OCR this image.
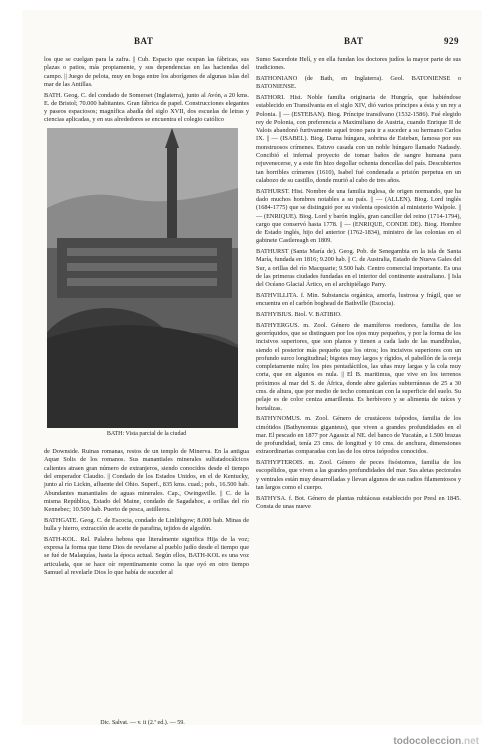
BAT	BAT	929

los que se cuelgan para la zafra. || Cub. Espacio que ocupan las fábricas, sus plazas o patios, más propiamente, y sus dependencias en las haciendas del campo. || Juego de pelota, muy en boga entre los aborígenes de algunas islas del mar de las Antillas.

BATH. Geog. C. del condado de Somerset (Inglaterra), junto al Avón, a 20 kms. E. de Bristol; 70.000 habitantes. Gran fábrica de papel. Construcciones elegantes y paseos espaciosos; magnífica abadía del siglo XVII, dos escuelas de letras y ciencias aplicadas, y en sus alrededores se encuentra el colegio católico

BATH: Vista parcial de la ciudad

de Downside. Ruinas romanas, restos de un templo de Minerva. En la antigua Aquæ Solis de los romanos. Sus manantiales minerales sulfatadocálcicos calientes atraen gran número de extranjeros, siendo conocidos desde el tiempo del emperador Claudio. || Condado de los Estados Unidos, en el de Kentucky, junto al río Lickin, afluente del Ohio. Superf., 835 kms. cuad.; pob., 16.500 hab. Abundantes manantiales de aguas minerales. Cap., Owingsville. || C. de la misma República, Estado del Maine, condado de Sagadahoc, a orillas del río Kennebec; 10.500 hab. Puerto de pesca, astilleros.

BATHGATE. Geog. C. de Escocia, condado de Linlithgow; 8.000 hab. Minas de hulla y hierro, extracción de aceite de parafina, tejidos de algodón.

BATH-KOL. Rel. Palabra hebrea que literalmente significa Hija de la voz; expresa la forma que tiene Dios de revelarse al pueblo judío desde el tiempo que se fué de Malaquías, hasta la época actual. Según ellos, BATH-KOL es una voz articulada, que se hace oír repentinamente como la que oyó en otro tiempo Samuel al revelarle Dios lo que había de suceder al

Dic. Salvat. — v. ii (2.ª ed.). — 59.

Sumo Sacerdote Helí, y en ella fundan los doctores judíos la mayor parte de sus tradiciones.

BATHONIANO (de Bath, en Inglaterra). Geol. BATONIENSE o BATONIENSE.

BATHORI. Hist. Noble familia originaria de Hungría, que habiéndose establecido en Transilvania en el siglo XIV, dió varios príncipes a ésta y un rey a Polonia. || — (ESTEBAN). Biog. Príncipe transilvano (1532-1586). Fué elegido rey de Polonia, con preferencia a Maximiliano de Austria, cuando Enrique II de Valois abandonó furtivamente aquel trono para ir a suceder a su hermano Carlos IX. || — (ISABEL). Biog. Dama húngara, sobrina de Esteban, famosa por sus monstruosos crímenes. Estuvo casada con un noble húngaro llamado Nadasdy. Concibió el infernal proyecto de tomar baños de sangre humana para rejuvenecerse, y a este fin hizo degollar ochenta doncellas del país. Descubiertos tan horribles crímenes (1610), Isabel fué condenada a prisión perpetua en un calabozo de su castillo, donde murió al cabo de tres años.

BATHURST. Hist. Nombre de una familia inglesa, de origen normando, que ha dado muchos hombres notables a su país. || — (ALLEN). Biog. Lord inglés (1684-1775) que se distinguió por su violenta oposición al ministerio Walpole. || — (ENRIQUE). Biog. Lord y barón inglés, gran canciller del reino (1714-1794), cargo que conservó hasta 1778. || — (ENRIQUE, CONDE DE). Biog. Hombre de Estado inglés, hijo del anterior (1762-1834), ministro de las colonias en el gabinete Castlereagh en 1809.

BATHURST (Santa María de). Geog. Pob. de Senegambia en la isla de Santa María, fundada en 1816; 9.200 hab. || C. de Australia, Estado de Nueva Gales del Sur, a orillas del río Macquarie; 9.500 hab. Centro comercial importante. Es una de las primeras ciudades fundadas en el interior del continente australiano. || Isla del Océano Glacial Ártico, en el archipiélago Parry.

BATHVILLITA. f. Min. Substancia orgánica, amorfa, lustrosa y frágil, que se encuentra en el carbón boghead de Bathville (Escocia).

BATHYBIUS. Biol. V. BATIBIO.

BATHYERGUS. m. Zool. Género de mamíferos roedores, familia de los georríquidos, que se distinguen por los ojos muy pequeños, y por la forma de los incisivos superiores, que son planos y tienen a cada lado de las mandíbulas, siendo el posterior más pequeño que los otros; los incisivos superiores con un profundo surco longitudinal; bigotes muy largos y rígidos, el pabellón de la oreja completamente nulo; los pies pentadáctilos, las uñas muy largas y la cola muy corta, que en algunos es nula. || El B. maritimus, que vive en los terrenos próximos al mar del S. de África, donde abre galerías subterráneas de 25 a 30 cms. de altura, que por medio de techo comunican con la superficie del suelo. Su pelaje es de color ceniza amarillenta. Es herbívoro y se alimenta de raíces y hortalizas.

BATHYNOMUS. m. Zool. Género de crustáceos isópodos, familia de los cimótidos (Bathynomus giganteus), que viven a grandes profundidades en el mar. El pescado en 1877 por Agassiz al NE. del banco de Yucatán, a 1.500 brazas de profundidad, tenía 23 cms. de longitud y 10 cms. de anchura, dimensiones extraordinarias comparadas con las de los otros isópodos conocidos.

BATHYPTEROIS. m. Zool. Género de peces fisóstomos, familia de los escopélidos, que viven a las grandes profundidades del mar. Sus aletas pectorales y ventrales están muy desarrolladas y llevan algunos de sus radios filamentosos y tan largos como el cuerpo.

BATHYSA. f. Bot. Género de plantas rubiáceas establecido por Presl en 1845. Consta de unas nueve

todocoleccion.net
